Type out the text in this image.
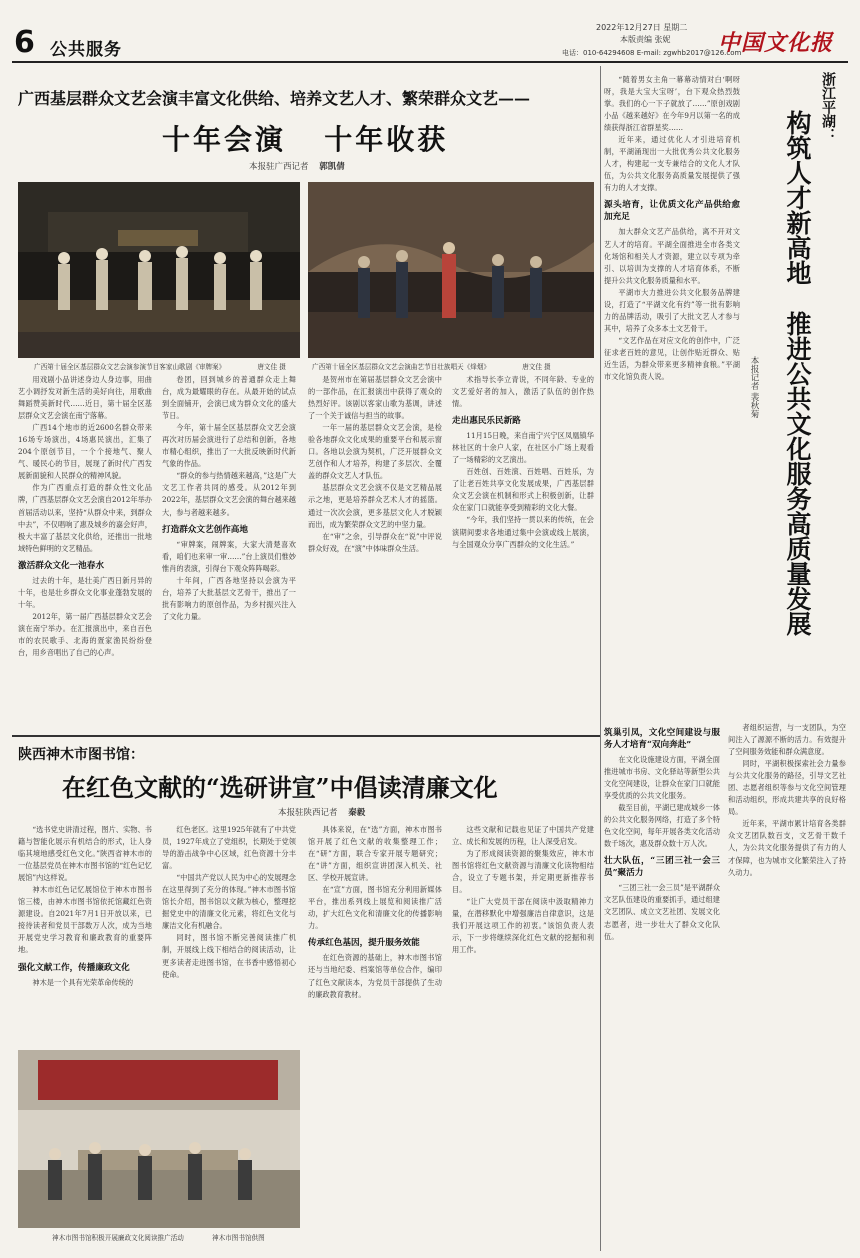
6 公共服务
2022年12月27日 星期二
本版责编 张妮
电话：010-64294608 E-mail: zgwhb2017@126.com
中国文化报
广西基层群众文艺会演丰富文化供给、培养文艺人才、繁荣群众文艺——
十年会演   十年收获
本报驻广西记者 郭凯倩
广西第十届全区基层群众文艺会演参演节目客家山歌剧《审牌案》	唐文佳 摄	广西第十届全区基层群众文艺会演曲艺节目壮族唱天《烽烟》	唐文佳 摄

用戏剧小品讲述身边人身边事，用曲艺小调抒发对新生活的美好向往，用歌曲舞蹈赞美新时代……近日，第十届全区基层群众文艺会演在南宁落幕。

广西14个地市的近2600名群众带来16场专场演出，4场惠民演出，汇集了204个原创节目，一个个接地气、聚人气、暖民心的节目，展现了新时代广西发展新面貌和人民群众的精神风貌。

作为广西重点打造的群众性文化品牌，广西基层群众文艺会演自2012年举办首届活动以来，坚持“从群众中来，到群众中去”，不仅唱响了惠及城乡的嘉会好声，极大丰富了基层文化供给，还推出一批地域特色鲜明的文艺精品。

激活群众文化一池春水

过去的十年，是壮美广西日新月异的十年，也是壮乡群众文化事业蓬勃发展的十年。

2012年，第一届广西基层群众文艺会演在南宁举办。在汇报演出中，来自百色市的农民歌手、北海的疍家渔民纷纷登台，用乡音唱出了自己的心声。

卷团，回到城乡的普通群众走上舞台，成为最耀眼的存在。从最开始的试点到全面铺开，会演已成为群众文化的盛大节日。

今年，第十届全区基层群众文艺会演再次对历届会演进行了总结和创新，各地市精心组织，推出了一大批反映新时代新气象的作品。

“群众的参与热情越来越高，”这是广大文艺工作者共同的感受。从2012年到2022年，基层群众文艺会演的舞台越来越大，参与者越来越多。

打造群众文艺创作高地

“审牌案，闹牌案，大家大清楚喜欢看，咱们也来审一审……”台上演员们惟妙惟肖的表演，引得台下观众阵阵喝彩。

十年间，广西各地坚持以会演为平台，培养了大批基层文艺骨干，推出了一批有影响力的原创作品，为乡村振兴注入了文化力量。

是贺州市在第届基层群众文艺会演中的一部作品，在汇报演出中获得了观众的热烈好评。该剧以客家山歌为基调，讲述了一个关于诚信与担当的故事。

一年一届的基层群众文艺会演，是检验各地群众文化成果的重要平台和展示窗口。各地以会演为契机，广泛开展群众文艺创作和人才培养，构建了多层次、全覆盖的群众文艺人才队伍。

基层群众文艺会演不仅是文艺精品展示之地，更是培养群众艺术人才的摇篮。通过一次次会演，更多基层文化人才脱颖而出，成为繁荣群众文艺的中坚力量。

在“审”之余，引导群众在“说”中评说群众好戏，在“演”中体味群众生活。

术指导长李立青说，不同年龄、专业的文艺爱好者的加入，激活了队伍的创作热情。

走出惠民乐民新路

11月15日晚，来自南宁兴宁区凤凰镇华林社区的十余户人家，在社区小广场上观看了一场精彩的文艺演出。

百姓创、百姓演、百姓唱、百姓乐，为了让老百姓共享文化发展成果，广西基层群众文艺会演在机制和形式上积极创新，让群众在家门口就能享受到精彩的文化大餐。

“今年，我们坚持一贯以来的传统，在会演期间要求各地通过集中会演或线上展演，与全国观众分享广西群众的文化生活。”

陕西神木市图书馆：
在红色文献的“选研讲宣”中倡读清廉文化
本报驻陕西记者 秦毅

“选书党史讲清过程，图片、实物、书籍与智能化展示有机结合的形式，让人身临其境地感受红色文化。”陕西省神木市的一位基层党员在神木市图书馆的“红色记忆展馆”内这样说。

神木市红色记忆展馆位于神木市图书馆三楼，由神木市图书馆依托馆藏红色资源建设。自2021年7月1日开放以来，已接待读者和党员干部数万人次，成为当地开展党史学习教育和廉政教育的重要阵地。

强化文献工作，传播廉政文化

神木是一个具有光荣革命传统的

红色老区。这里1925年就有了中共党员，1927年成立了党组织，长期处于党领导的游击战争中心区域，红色资源十分丰富。

“中国共产党以人民为中心的发展理念在这里得到了充分的体现。”神木市图书馆馆长介绍，图书馆以文献为核心，整理挖掘党史中的清廉文化元素，将红色文化与廉洁文化有机融合。

同时，图书馆不断完善阅读推广机制，开展线上线下相结合的阅读活动，让更多读者走进图书馆，在书香中感悟初心使命。

具体来说，在“选”方面，神木市图书馆开展了红色文献的收集整理工作；在“研”方面，联合专家开展专题研究；在“讲”方面，组织宣讲团深入机关、社区、学校开展宣讲。

在“宣”方面，图书馆充分利用新媒体平台，推出系列线上展览和阅读推广活动，扩大红色文化和清廉文化的传播影响力。

传承红色基因，提升服务效能

在红色资源的基础上，神木市图书馆还与当地纪委、档案馆等单位合作，编印了红色文献读本，为党员干部提供了生动的廉政教育教材。

这些文献和记载也见证了中国共产党建立、成长和发展的历程，让人深受启发。

为了形成阅读资源的聚集效应，神木市图书馆将红色文献资源与清廉文化读物相结合，设立了专题书架，并定期更新推荐书目。

“让广大党员干部在阅读中汲取精神力量，在潜移默化中增强廉洁自律意识，这是我们开展这项工作的初衷。”该馆负责人表示，下一步将继续深化红色文献的挖掘和利用工作。

神木市图书馆积极开展廉政文化阅读推广活动	神木市图书馆供图
浙江平湖：
构筑人才新高地   推进公共文化服务高质量发展
本报记者 裴秋菊

“随着男女主角一幕幕动情对白‘啊呀呀，我是大宝大宝呀’，台下观众热烈鼓掌。我们的心一下子就放了……”原创戏剧小品《越来越好》在今年9月以第一名的成绩获得浙江省群星奖……

近年来，通过优化人才引进培育机制，平湖涌现出一大批优秀公共文化服务人才，构建起一支专兼结合的文化人才队伍，为公共文化服务高质量发展提供了强有力的人才支撑。

源头培育，让优质文化产品供给愈加充足

加大群众文艺产品供给，离不开对文艺人才的培育。平湖全面推进全市各类文化场馆和相关人才资源，建立以专项为牵引、以培训为支撑的人才培育体系，不断提升公共文化服务质量和水平。

平湖市大力推进公共文化服务品牌建设，打造了“平湖文化有约”等一批有影响力的品牌活动，吸引了大批文艺人才参与其中，培养了众多本土文艺骨干。

“文艺作品在对应文化的创作中，广泛征求老百姓的意见，让创作贴近群众、贴近生活，为群众带来更多精神食粮。”平湖市文化馆负责人说。

筑巢引凤，文化空间建设与服务人才培育“双向奔赴”

在文化设施建设方面，平湖全面推进城市书房、文化驿站等新型公共文化空间建设，让群众在家门口就能享受优质的公共文化服务。

截至目前，平湖已建成城乡一体的公共文化服务网络，打造了多个特色文化空间，每年开展各类文化活动数千场次，惠及群众数十万人次。

壮大队伍，“三团三社一会三员”聚活力

“三团三社一会三员”是平湖群众文艺队伍建设的重要抓手，通过组建文艺团队、成立文艺社团、发展文化志愿者，进一步壮大了群众文化队伍。

者组织运营，与一支团队，为空间注入了源源不断的活力。有效提升了空间服务效能和群众满意度。

同时，平湖积极探索社会力量参与公共文化服务的路径，引导文艺社团、志愿者组织等参与文化空间管理和活动组织，形成共建共享的良好格局。

近年来，平湖市累计培育各类群众文艺团队数百支，文艺骨干数千人，为公共文化服务提供了有力的人才保障，也为城市文化繁荣注入了持久动力。
